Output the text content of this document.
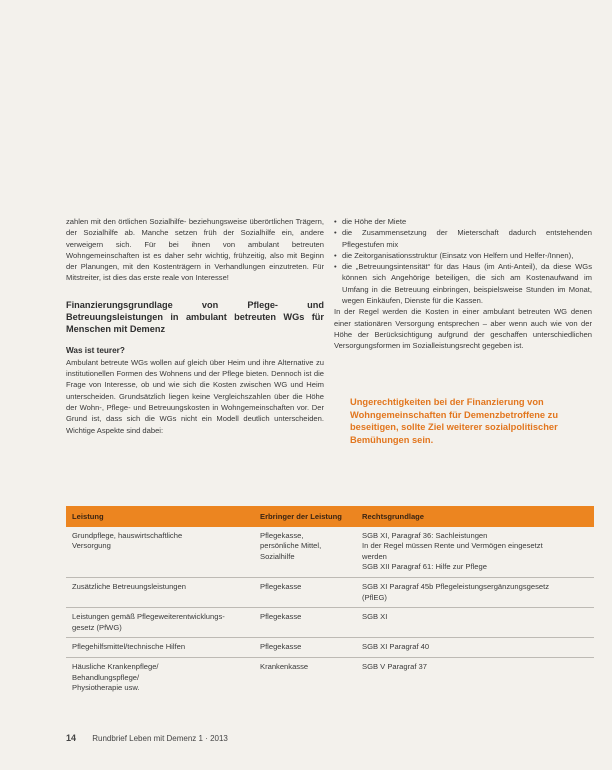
zahlen mit den örtlichen Sozialhilfe- beziehungsweise überörtlichen Trägern, der Sozialhilfe ab. Manche setzen früh der Sozialhilfe ein, andere verweigern sich. Für bei ihnen von ambulant betreuten Wohngemeinschaften ist es daher sehr wichtig, frühzeitig, also mit Beginn der Planungen, mit den Kostenträgern in Verhandlungen einzutreten. Für Mitstreiter, ist dies das erste reale von Interesse!

Finanzierungsgrundlage von Pflege- und Betreuungsleistungen in ambulant betreuten WGs für Menschen mit Demenz
Was ist teurer?

Ambulant betreute WGs wollen auf gleich über Heim und ihre Alternative zu institutionellen Formen des Wohnens und der Pflege bieten. Dennoch ist die Frage von Interesse, ob und wie sich die Kosten zwischen WG und Heim unterscheiden. Grundsätzlich liegen keine Vergleichszahlen über die Höhe der Wohn-, Pflege- und Betreuungskosten in Wohngemeinschaften vor. Der Grund ist, dass sich die WGs nicht ein Modell deutlich unterscheiden. Wichtige Aspekte sind dabei:

• die Höhe der Miete
• die Zusammensetzung der Mieterschaft dadurch entstehenden Pflegestufen mix
• die Zeitorganisationsstruktur (Einsatz von Helfern und Helfer-/Innen),
• die „Betreuungsintensität“ für das Haus (im Anti-Anteil), da diese WGs können sich Angehörige beteiligen, die sich am Kostenaufwand im Umfang in die Betreuung einbringen, beispielsweise Stunden im Monat, wegen Einkäufen, Dienste für die Kassen.

In der Regel werden die Kosten in einer ambulant betreuten WG denen einer stationären Versorgung entsprechen – aber wenn auch wie von der Höhe der Berücksichtigung aufgrund der geschaffen unterschiedlichen Versorgungsformen im Sozialleistungsrecht gegeben ist.

Ungerechtigkeiten bei der Finanzierung von Wohngemeinschaften für Demenzbetroffene zu beseitigen, sollte Ziel weiterer sozialpolitischer Bemühungen sein.
Leistung	Erbringer der Leistung	Rechtsgrundlage

Grundpflege, hauswirtschaftliche
Versorgung	Pflegekasse,
persönliche Mittel,
Sozialhilfe	SGB XI, Paragraf 36: Sachleistungen
In der Regel müssen Rente und Vermögen eingesetzt
werden
SGB XII Paragraf 61: Hilfe zur Pflege

Zusätzliche Betreuungsleistungen	Pflegekasse	SGB XI Paragraf 45b Pflegeleistungsergänzungsgesetz
(PflEG)

Leistungen gemäß Pflegeweiterentwicklungs-
gesetz (PfWG)	Pflegekasse	SGB XI

Pflegehilfsmittel/technische Hilfen	Pflegekasse	SGB XI Paragraf 40

Häusliche Krankenpflege/
Behandlungspflege/
Physiotherapie usw.	Krankenkasse	SGB V Paragraf 37
14 Rundbrief Leben mit Demenz 1 · 2013
